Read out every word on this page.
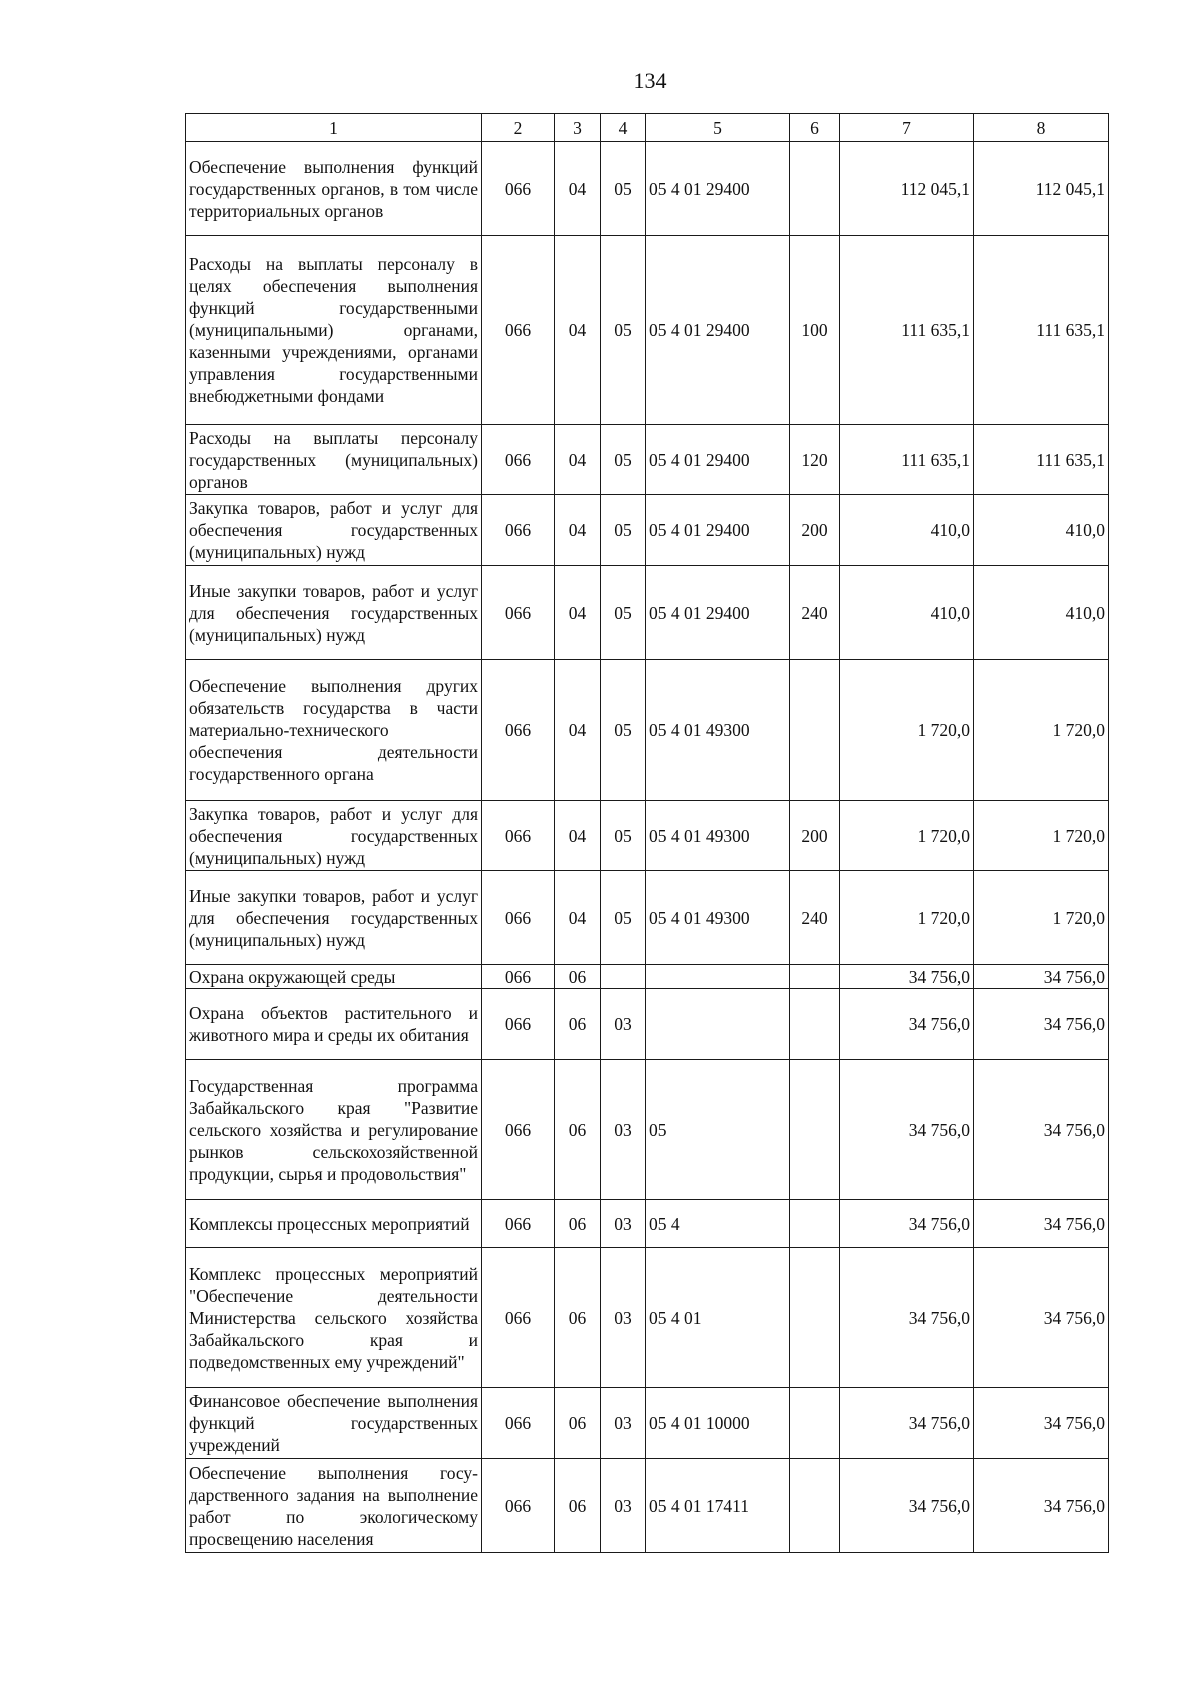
134
1	2	3	4	5	6	7	8
Обеспечение выполнения функций государственных органов, в том числе территориальных органов	066	04	05	05 4 01 29400		112 045,1	112 045,1
Расходы на выплаты персоналу в целях обеспечения выполнения функций государственными (муниципальными) органами, казенными учреждениями, органами управления государственными внебюджетными фондами	066	04	05	05 4 01 29400	100	111 635,1	111 635,1
Расходы на выплаты персоналу государственных (муниципальных) органов	066	04	05	05 4 01 29400	120	111 635,1	111 635,1
Закупка товаров, работ и услуг для обеспечения государственных (муниципальных) нужд	066	04	05	05 4 01 29400	200	410,0	410,0
Иные закупки товаров, работ и услуг для обеспечения государственных (муниципальных) нужд	066	04	05	05 4 01 29400	240	410,0	410,0
Обеспечение выполнения других обязательств государства в части материально-технического обеспечения деятельности государственного органа	066	04	05	05 4 01 49300		1 720,0	1 720,0
Закупка товаров, работ и услуг для обеспечения государственных (муниципальных) нужд	066	04	05	05 4 01 49300	200	1 720,0	1 720,0
Иные закупки товаров, работ и услуг для обеспечения государственных (муниципальных) нужд	066	04	05	05 4 01 49300	240	1 720,0	1 720,0
Охрана окружающей среды	066	06				34 756,0	34 756,0
Охрана объектов растительного и животного мира и среды их обитания	066	06	03			34 756,0	34 756,0
Государственная программа Забайкальского края "Развитие сельского хозяйства и регулирование рынков сельскохозяйственной продукции, сырья и продовольствия"	066	06	03	05		34 756,0	34 756,0
Комплексы процессных мероприятий	066	06	03	05 4		34 756,0	34 756,0
Комплекс процессных мероприятий "Обеспечение деятельности Министерства сельского хозяйства Забайкальского края и подведомственных ему учреждений"	066	06	03	05 4 01		34 756,0	34 756,0
Финансовое обеспечение выполнения функций государственных учреждений	066	06	03	05 4 01 10000		34 756,0	34 756,0
Обеспечение выполнения государственного задания на выполнение работ по экологическому просвещению населения	066	06	03	05 4 01 17411		34 756,0	34 756,0
